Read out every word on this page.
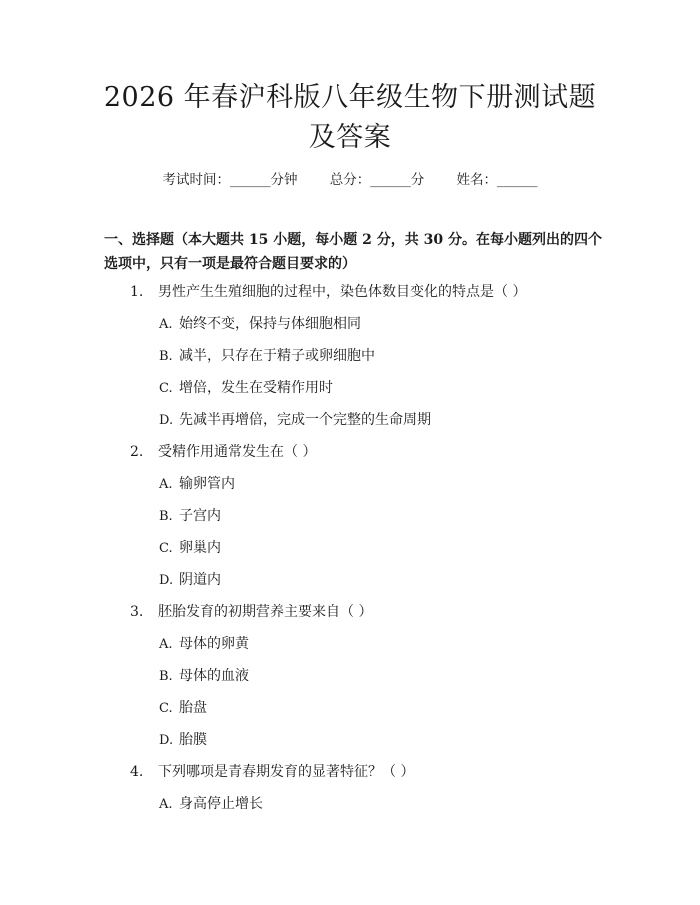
2026 年春沪科版八年级生物下册测试题及答案
考试时间：______分钟 总分：______分 姓名：______
一、选择题（本大题共 15 小题，每小题 2 分，共 30 分。在每小题列出的四个选项中，只有一项是最符合题目要求的）
1. 男性产生生殖细胞的过程中，染色体数目变化的特点是（ ）
A. 始终不变，保持与体细胞相同
B. 减半，只存在于精子或卵细胞中
C. 增倍，发生在受精作用时
D. 先减半再增倍，完成一个完整的生命周期
2. 受精作用通常发生在（ ）
A. 输卵管内
B. 子宫内
C. 卵巢内
D. 阴道内
3. 胚胎发育的初期营养主要来自（ ）
A. 母体的卵黄
B. 母体的血液
C. 胎盘
D. 胎膜
4. 下列哪项是青春期发育的显著特征？（ ）
A. 身高停止增长
